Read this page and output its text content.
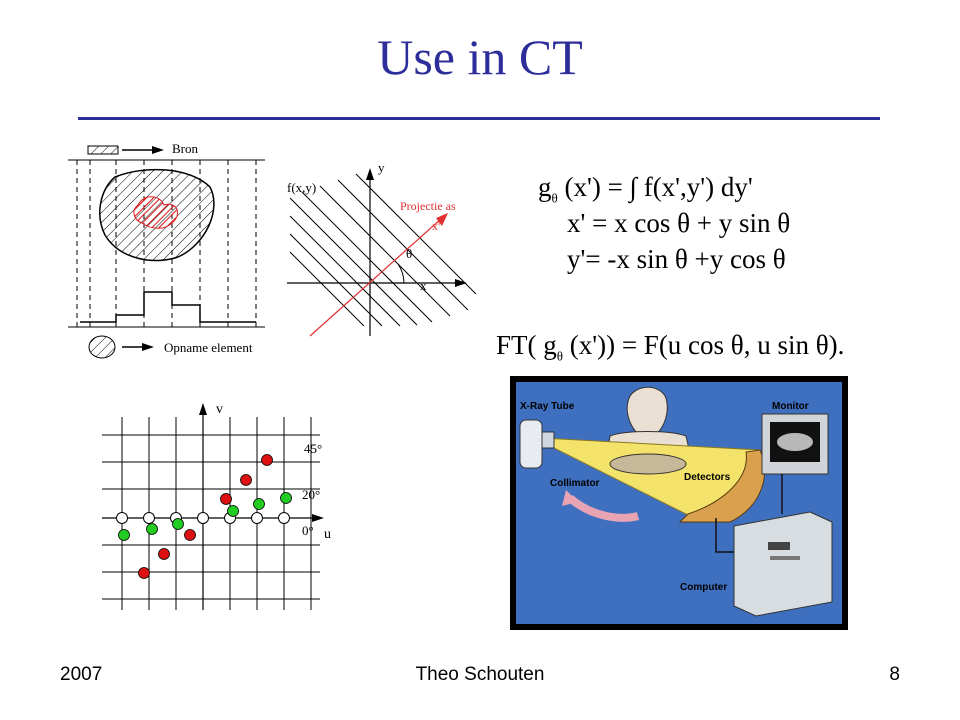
Use in CT
Bron
Opname element
y
x
f(x,y)
Projectie as
x'
θ
$g_\theta$ (x') = ∫ f(x',y') dy'
x' = x cos θ + y sin θ
y'= -x sin θ +y cos θ
FT( $g_\theta$ (x')) = F(u cos θ, u sin θ).
v
u
45°
20°
0°
X-Ray Tube	Monitor
Collimator
Detectors
Computer
2007	Theo Schouten	8
